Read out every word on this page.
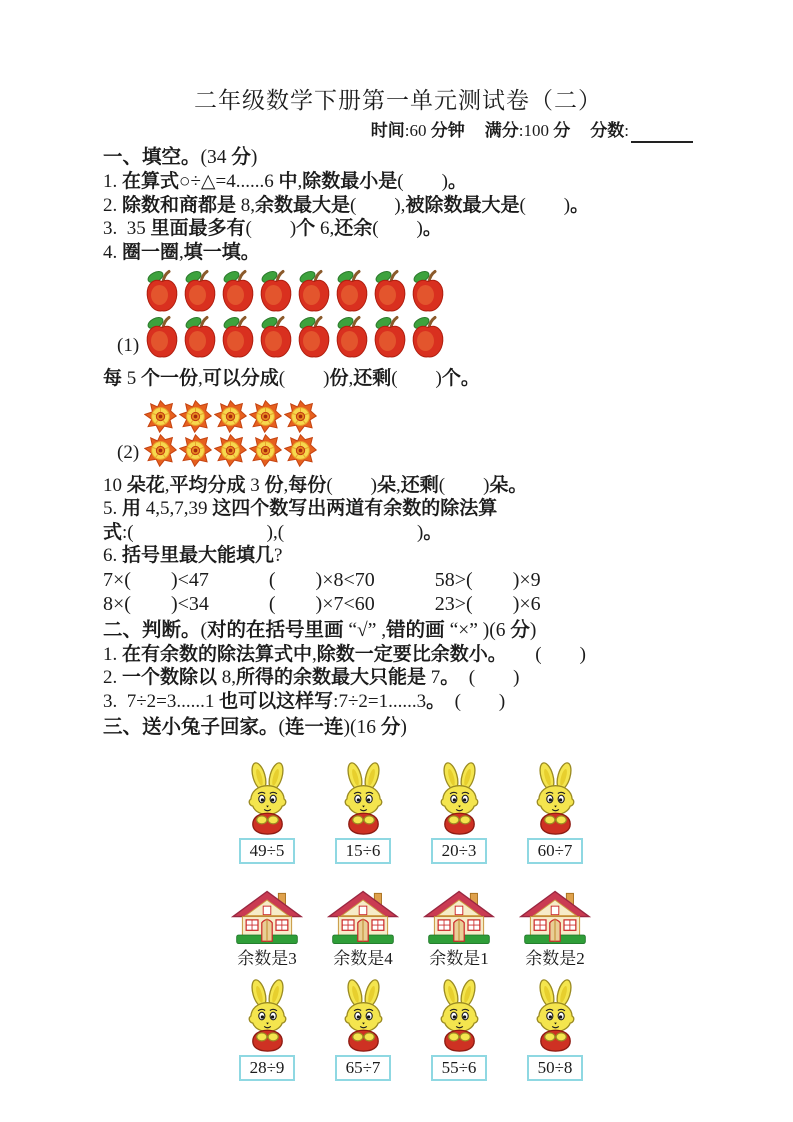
二年级数学下册第一单元测试卷（二）
时间:60 分钟 满分:100 分 分数:
一、填空。(34 分)
1. 在算式○÷△=4......6 中,除数最小是(　　)。
2. 除数和商都是 8,余数最大是(　　),被除数最大是(　　)。
3.  35 里面最多有(　　)个 6,还余(　　)。
4. 圈一圈,填一填。
(1)
每 5 个一份,可以分成(　　)份,还剩(　　)个。
(2)
10 朵花,平均分成 3 份,每份(　　)朵,还剩(　　)朵。
5. 用 4,5,7,39 这四个数写出两道有余数的除法算
式:(　　　　　　　),(　　　　　　　)。
6. 括号里最大能填几?
7×(　　)<47　　　(　　)×8<70　　　58>(　　)×9
8×(　　)<34　　　(　　)×7<60　　　23>(　　)×6
二、判断。(对的在括号里画 “√” ,错的画 “×” )(6 分)
1. 在有余数的除法算式中,除数一定要比余数小。　　(　　)
2. 一个数除以 8,所得的余数最大只能是 7。　(　　)
3.  7÷2=3......1 也可以这样写:7÷2=1......3。　(　　)
三、送小兔子回家。(连一连)(16 分)
49÷5	15÷6	20÷3	60÷7
余数是3 余数是4 余数是1 余数是2
28÷9	65÷7	55÷6	50÷8
